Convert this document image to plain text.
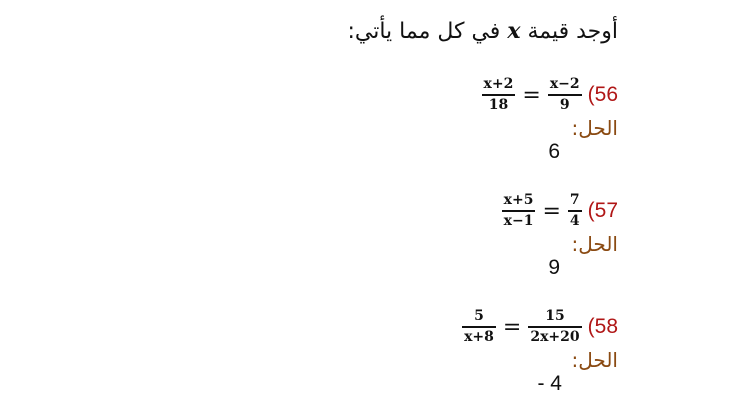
أوجد قيمة x في كل مما يأتي:
$\frac{x+2}{18} = \frac{x-2}{9} (56$
الحل:
6
$\frac{x+5}{x-1} = \frac{7}{4} (57$
الحل:
9
$\frac{5}{x+8} = \frac{15}{2x+20} (58$
الحل:
- 4
